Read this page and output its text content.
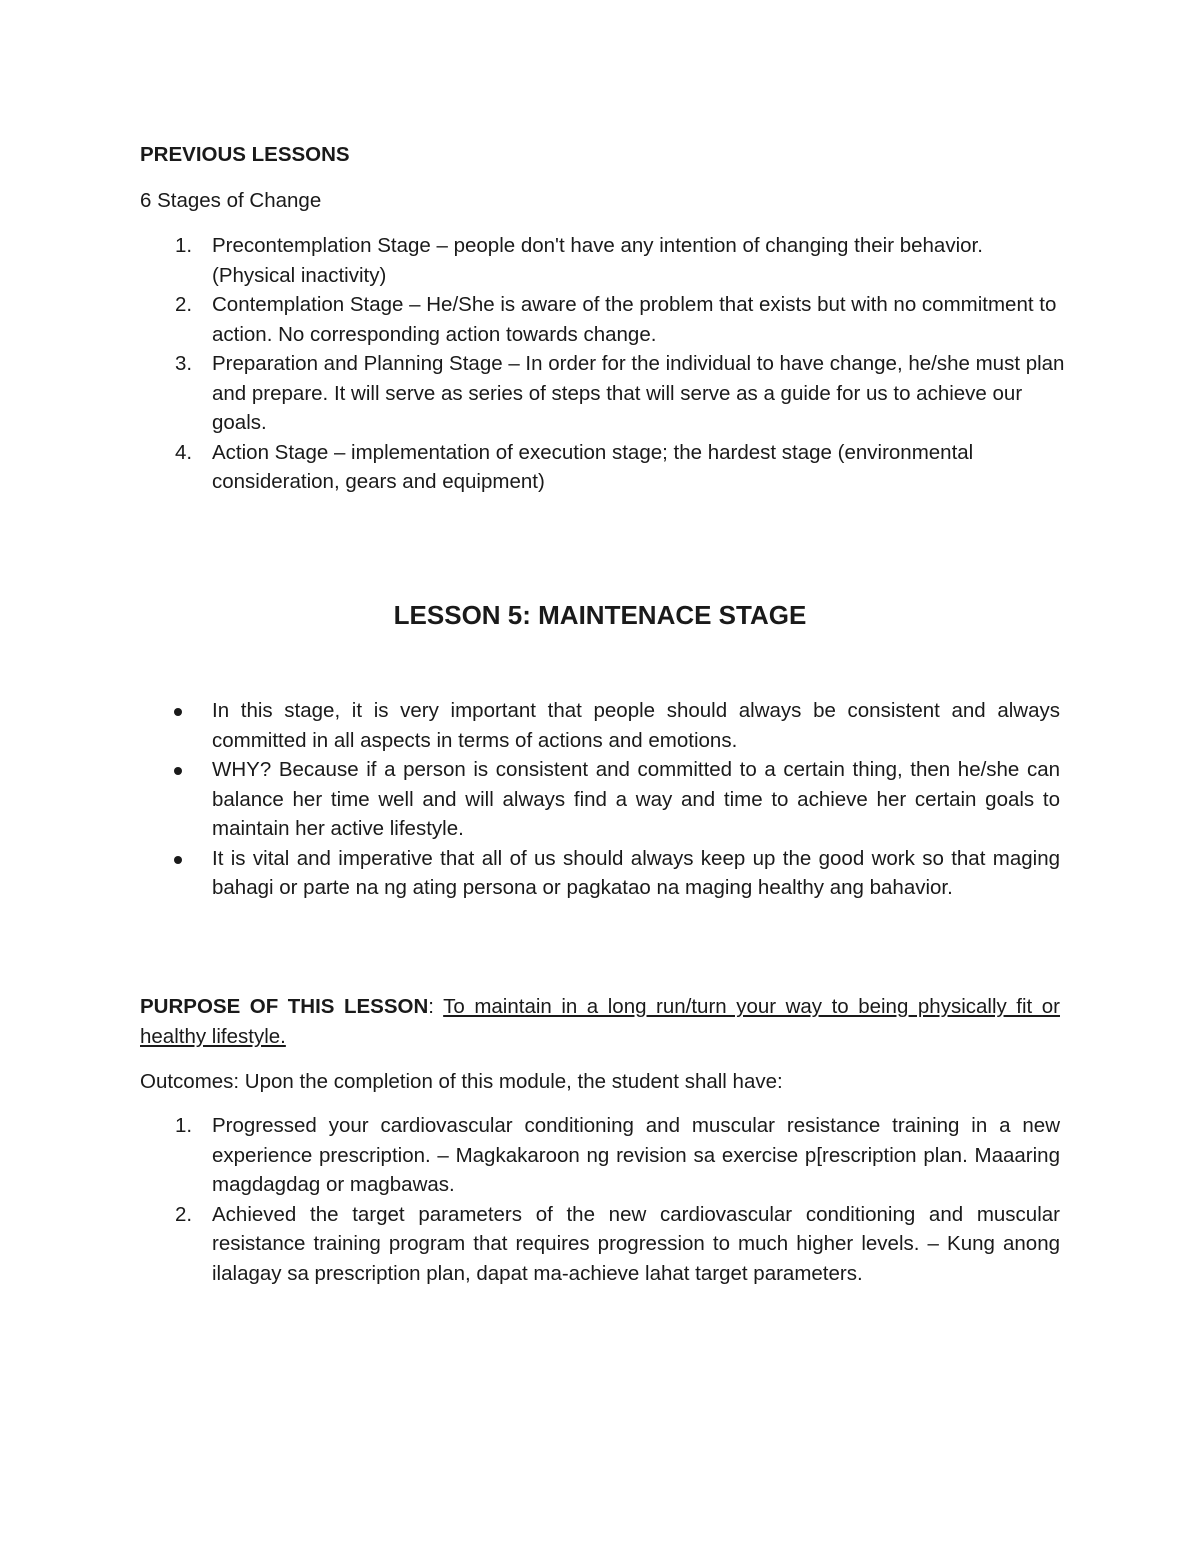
PREVIOUS LESSONS

6 Stages of Change

1. Precontemplation Stage – people don't have any intention of changing their behavior. (Physical inactivity)
2. Contemplation Stage – He/She is aware of the problem that exists but with no commitment to action. No corresponding action towards change.
3. Preparation and Planning Stage – In order for the individual to have change, he/she must plan and prepare. It will serve as series of steps that will serve as a guide for us to achieve our goals.
4. Action Stage – implementation of execution stage; the hardest stage (environmental consideration, gears and equipment)
LESSON 5: MAINTENACE STAGE
In this stage, it is very important that people should always be consistent and always committed in all aspects in terms of actions and emotions.
WHY? Because if a person is consistent and committed to a certain thing, then he/she can balance her time well and will always find a way and time to achieve her certain goals to maintain her active lifestyle.
It is vital and imperative that all of us should always keep up the good work so that maging bahagi or parte na ng ating persona or pagkatao na maging healthy ang bahavior.
PURPOSE OF THIS LESSON: To maintain in a long run/turn your way to being physically fit or healthy lifestyle.

Outcomes: Upon the completion of this module, the student shall have:

1. Progressed your cardiovascular conditioning and muscular resistance training in a new experience prescription. – Magkakaroon ng revision sa exercise p[rescription plan. Maaaring magdagdag or magbawas.
2. Achieved the target parameters of the new cardiovascular conditioning and muscular resistance training program that requires progression to much higher levels. – Kung anong ilalagay sa prescription plan, dapat ma-achieve lahat target parameters.
